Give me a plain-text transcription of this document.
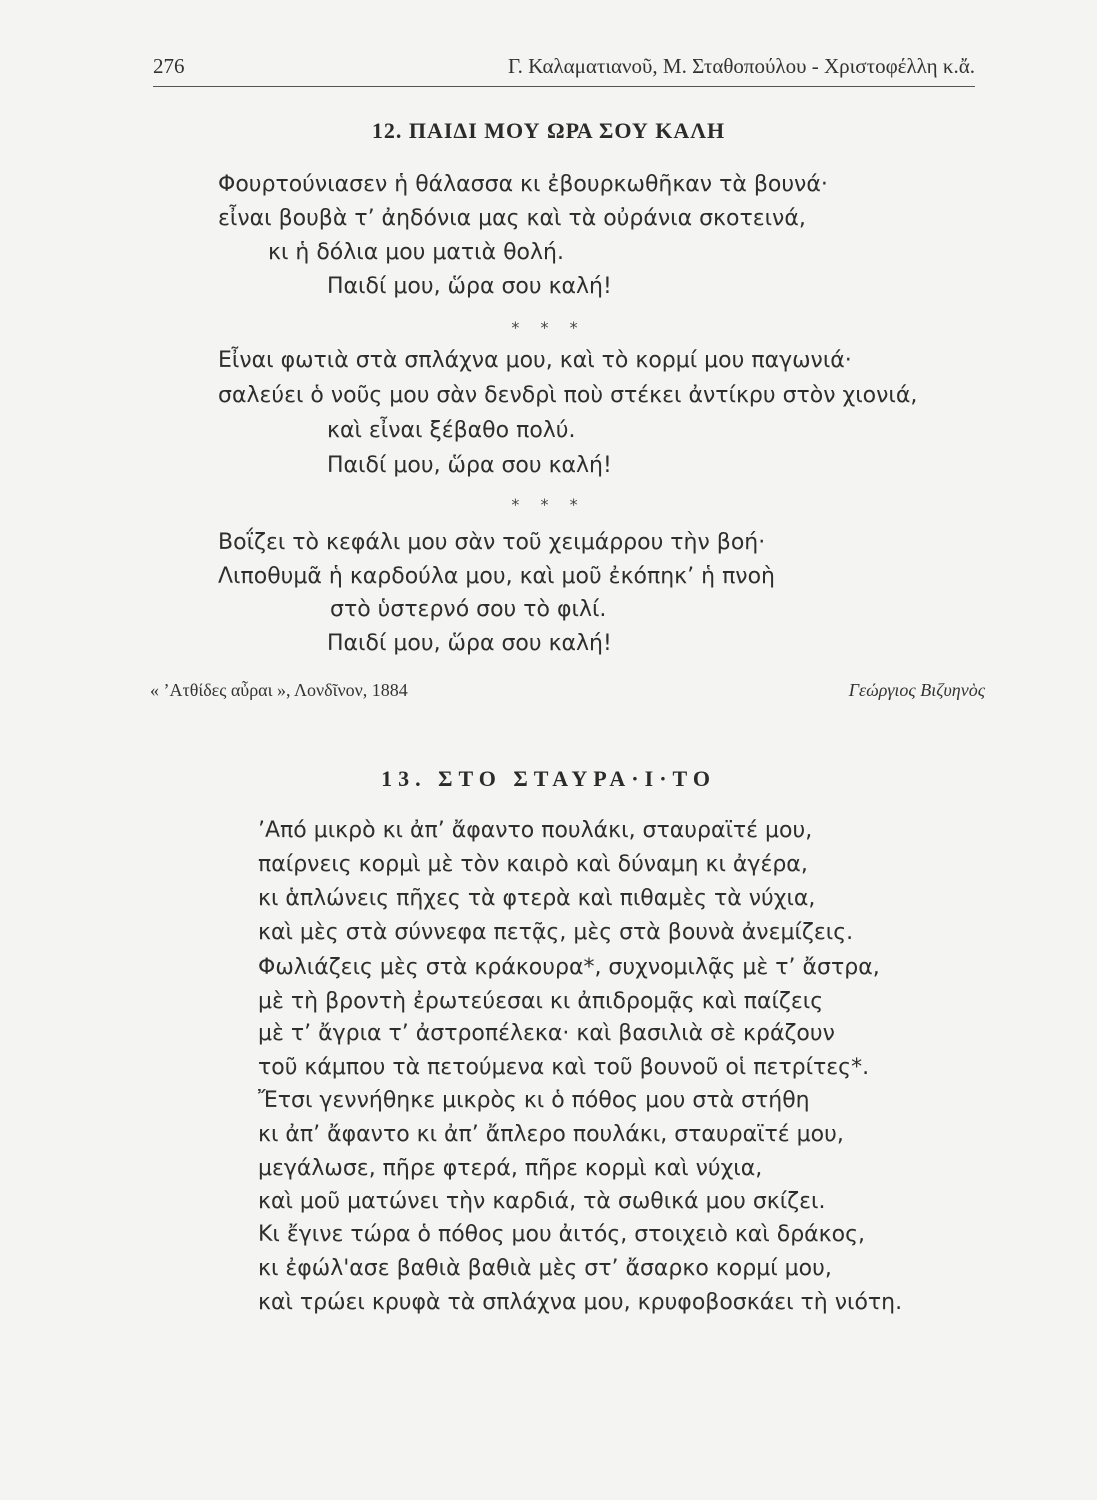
276	Γ. Καλαματιανοῦ, Μ. Σταθοπούλου - Χριστοφέλλη κ.ἄ.
12. ΠΑΙΔΙ ΜΟΥ ΩΡΑ ΣΟΥ ΚΑΛΗ
Φουρτούνιασεν ἡ θάλασσα κι ἐβουρκωθῆκαν τὰ βουνά·
εἶναι βουβὰ τ’ ἀηδόνια μας καὶ τὰ οὐράνια σκοτεινά,
κι ἡ δόλια μου ματιὰ θολή.
Παιδί μου, ὥρα σου καλή!
* * *
Εἶναι φωτιὰ στὰ σπλάχνα μου, καὶ τὸ κορμί μου παγωνιά·
σαλεύει ὁ νοῦς μου σὰν δενδρὶ ποὺ στέκει ἀντίκρυ στὸν χιονιά,
καὶ εἶναι ξέβαθο πολύ.
Παιδί μου, ὥρα σου καλή!
* * *
Βοΐζει τὸ κεφάλι μου σὰν τοῦ χειμάρρου τὴν βοή·
Λιποθυμᾶ ἡ καρδούλα μου, καὶ μοῦ ἐκόπηκ’ ἡ πνοὴ
στὸ ὑστερνό σου τὸ φιλί.
Παιδί μου, ὥρα σου καλή!
« ’Ατθίδες αὖραι », Λονδῖνον, 1884	Γεώργιος Βιζυηνὸς
13. ΣΤΟ ΣΤΑΥΡΑ·Ι·ΤΟ
’Από μικρὸ κι ἀπ’ ἄφαντο πουλάκι, σταυραϊτέ μου,
παίρνεις κορμὶ μὲ τὸν καιρὸ καὶ δύναμη κι ἀγέρα,
κι ἁπλώνεις πῆχες τὰ φτερὰ καὶ πιθαμὲς τὰ νύχια,
καὶ μὲς στὰ σύννεφα πετᾷς, μὲς στὰ βουνὰ ἀνεμίζεις.
Φωλιάζεις μὲς στὰ κράκουρα*, συχνομιλᾷς μὲ τ’ ἄστρα,
μὲ τὴ βροντὴ ἐρωτεύεσαι κι ἀπιδρομᾷς καὶ παίζεις
μὲ τ’ ἄγρια τ’ ἀστροπέλεκα· καὶ βασιλιὰ σὲ κράζουν
τοῦ κάμπου τὰ πετούμενα καὶ τοῦ βουνοῦ οἱ πετρίτες*.
Ἔτσι γεννήθηκε μικρὸς κι ὁ πόθος μου στὰ στήθη
κι ἀπ’ ἄφαντο κι ἀπ’ ἄπλερο πουλάκι, σταυραϊτέ μου,
μεγάλωσε, πῆρε φτερά, πῆρε κορμὶ καὶ νύχια,
καὶ μοῦ ματώνει τὴν καρδιά, τὰ σωθικά μου σκίζει.
Κι ἔγινε τώρα ὁ πόθος μου ἀιτός, στοιχειὸ καὶ δράκος,
κι ἐφώλ'ασε βαθιὰ βαθιὰ μὲς στ’ ἄσαρκο κορμί μου,
καὶ τρώει κρυφὰ τὰ σπλάχνα μου, κρυφοβοσκάει τὴ νιότη.
